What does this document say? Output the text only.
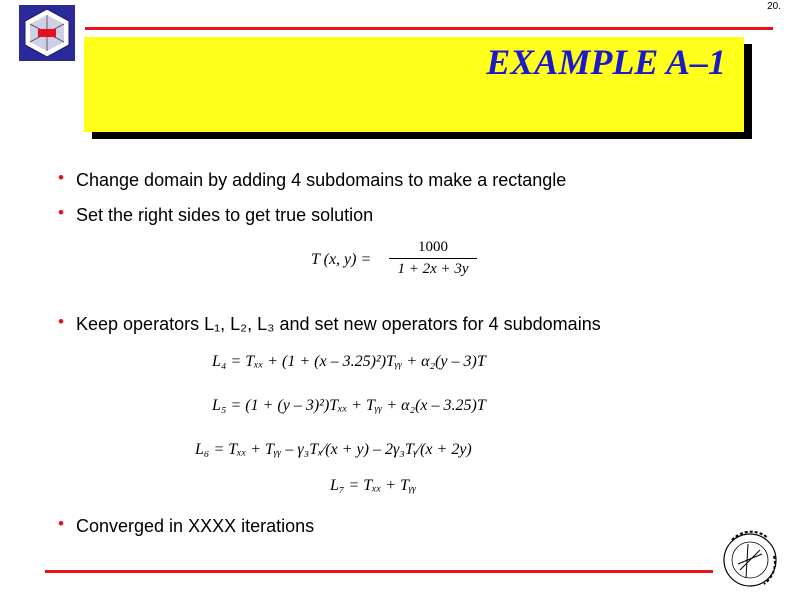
20.
EXAMPLE A–1
• Change domain by adding 4 subdomains to make a rectangle
• Set the right sides to get true solution
T (x, y) =
1000
1 + 2x + 3y
• Keep operators L₁, L₂, L₃ and set new operators for 4 subdomains
L₄ = Tₓₓ + (1 + (x – 3.25)²)Tᵧᵧ + α₂(y – 3)T
L₅ = (1 + (y – 3)²)Tₓₓ + Tᵧᵧ + α₂(x – 3.25)T
L₆ = Tₓₓ + Tᵧᵧ – γ₃Tₓ⁄(x + y) – 2γ₃Tᵧ⁄(x + 2y)
L₇ = Tₓₓ + Tᵧᵧ
• Converged in XXXX iterations
